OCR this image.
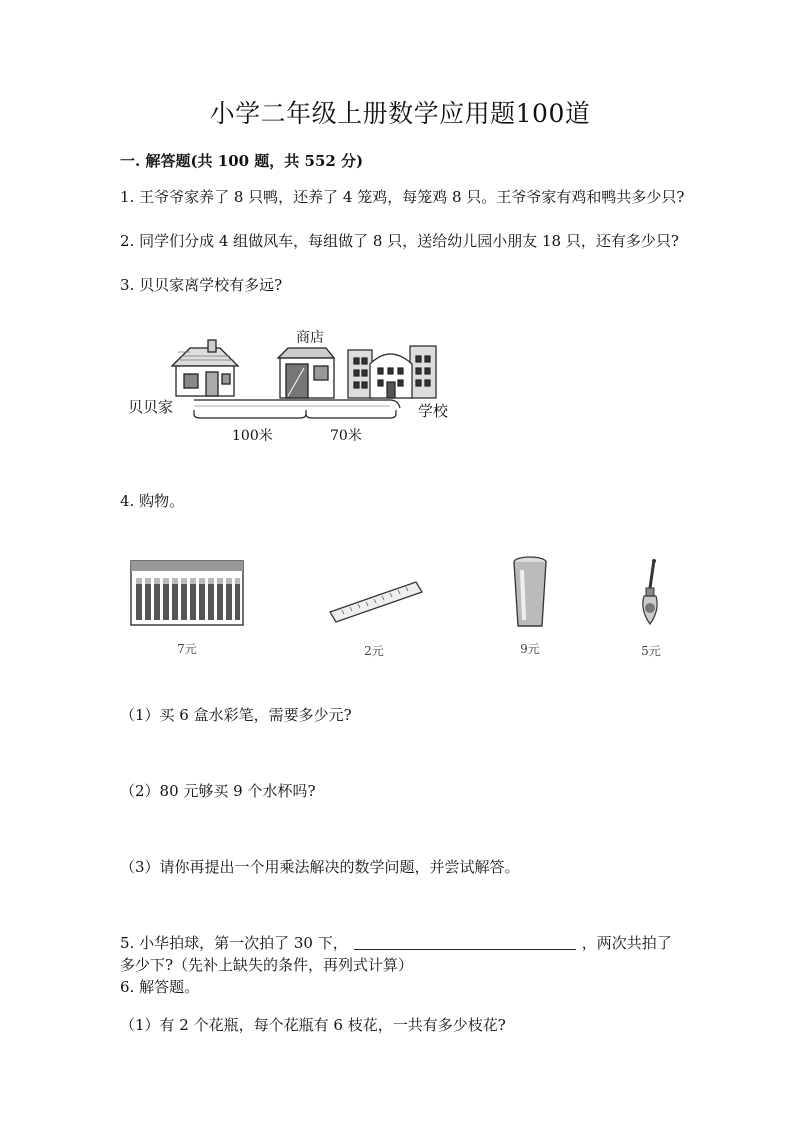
小学二年级上册数学应用题100道
一. 解答题(共 100 题，共 552 分)
1. 王爷爷家养了 8 只鸭，还养了 4 笼鸡，每笼鸡 8 只。王爷爷家有鸡和鸭共多少只?
2. 同学们分成 4 组做风车，每组做了 8 只，送给幼儿园小朋友 18 只，还有多少只?
3. 贝贝家离学校有多远?
商店
贝贝家	学校
100米	70米
4. 购物。
7元	2元	9元	5元
（1）买 6 盒水彩笔，需要多少元?
（2）80 元够买 9 个水杯吗?
（3）请你再提出一个用乘法解决的数学问题，并尝试解答。
5. 小华拍球，第一次拍了 30 下，	，两次共拍了
多少下?（先补上缺失的条件，再列式计算）
6. 解答题。
（1）有 2 个花瓶，每个花瓶有 6 枝花，一共有多少枝花?
